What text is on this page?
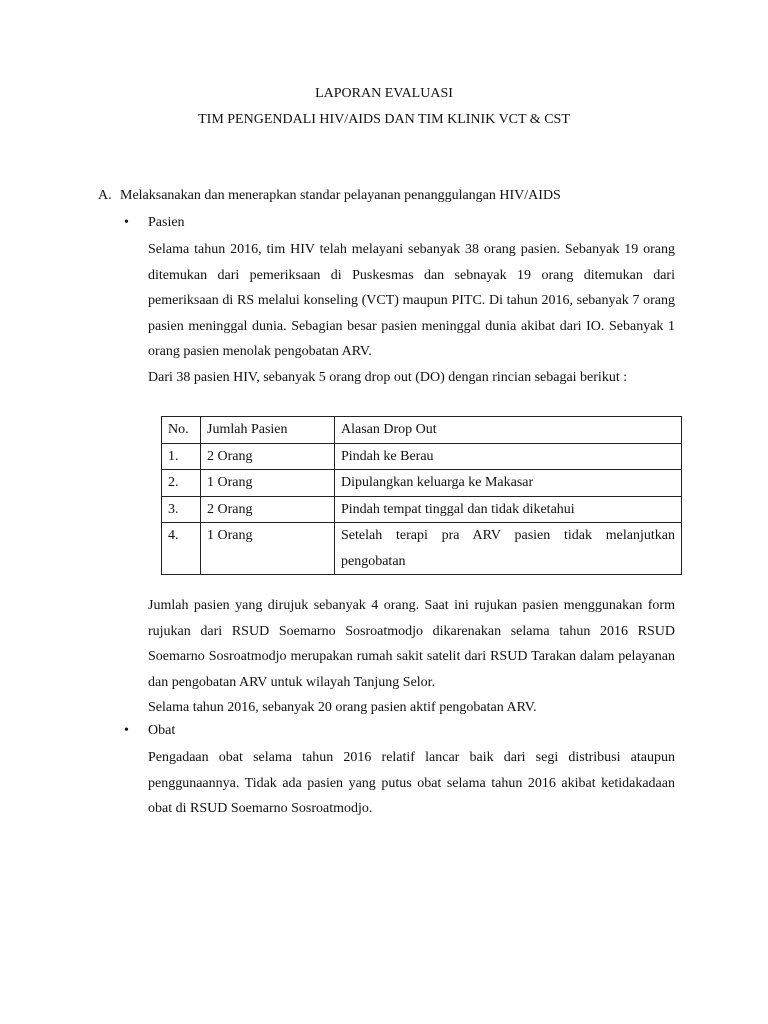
LAPORAN EVALUASI
TIM PENGENDALI HIV/AIDS DAN TIM KLINIK VCT & CST
A. Melaksanakan dan menerapkan standar pelayanan penanggulangan HIV/AIDS
• Pasien

Selama tahun 2016, tim HIV telah melayani sebanyak 38 orang pasien. Sebanyak 19 orang ditemukan dari pemeriksaan di Puskesmas dan sebnayak 19 orang ditemukan dari pemeriksaan di RS melalui konseling (VCT) maupun PITC. Di tahun 2016, sebanyak 7 orang pasien meninggal dunia. Sebagian besar pasien meninggal dunia akibat dari IO. Sebanyak 1 orang pasien menolak pengobatan ARV.

Dari 38 pasien HIV, sebanyak 5 orang drop out (DO) dengan rincian sebagai berikut :

No.	Jumlah Pasien	Alasan Drop Out
1.	2 Orang	Pindah ke Berau
2.	1 Orang	Dipulangkan keluarga ke Makasar
3.	2 Orang	Pindah tempat tinggal dan tidak diketahui
4.	1 Orang	Setelah terapi pra ARV pasien tidak melanjutkan pengobatan

Jumlah pasien yang dirujuk sebanyak 4 orang. Saat ini rujukan pasien menggunakan form rujukan dari RSUD Soemarno Sosroatmodjo dikarenakan selama tahun 2016 RSUD Soemarno Sosroatmodjo merupakan rumah sakit satelit dari RSUD Tarakan dalam pelayanan dan pengobatan ARV untuk wilayah Tanjung Selor.

Selama tahun 2016, sebanyak 20 orang pasien aktif pengobatan ARV.

• Obat

Pengadaan obat selama tahun 2016 relatif lancar baik dari segi distribusi ataupun penggunaannya. Tidak ada pasien yang putus obat selama tahun 2016 akibat ketidakadaan obat di RSUD Soemarno Sosroatmodjo.
